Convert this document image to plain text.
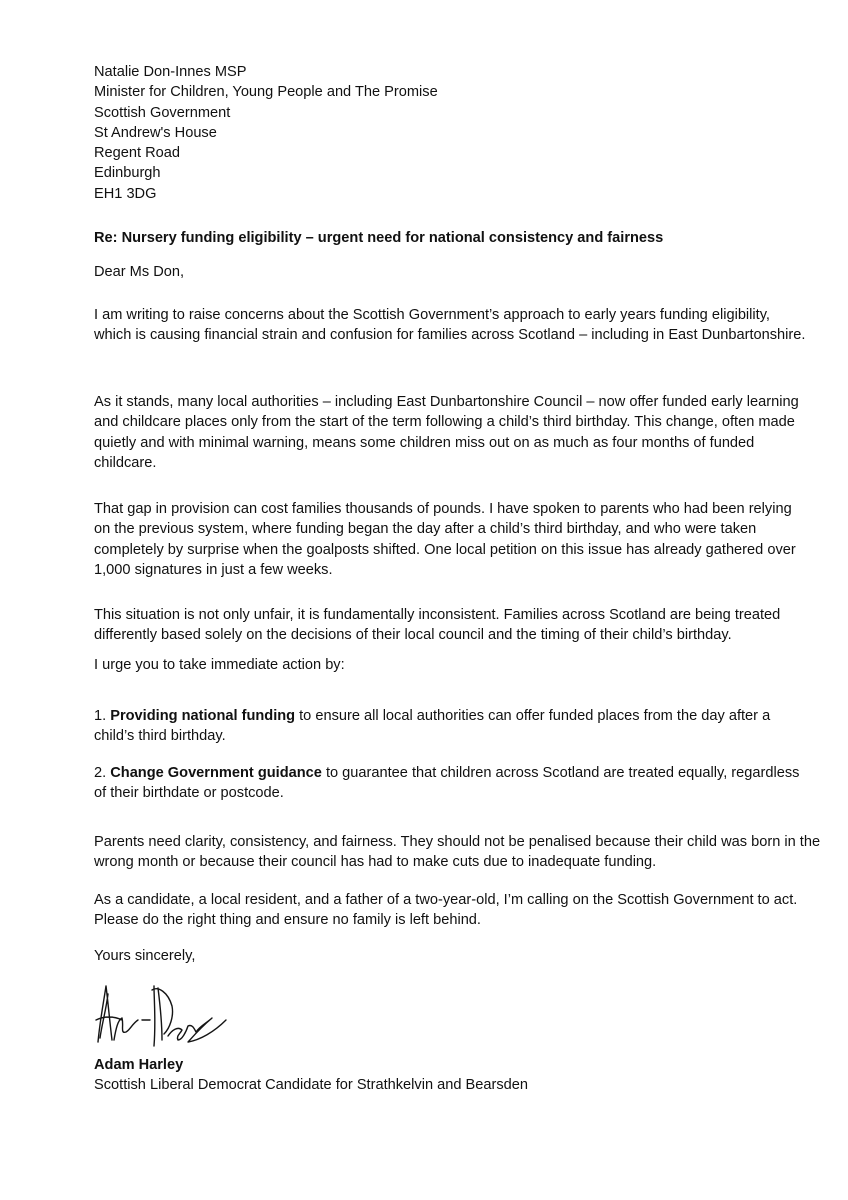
Natalie Don-Innes MSP
Minister for Children, Young People and The Promise
Scottish Government
St Andrew's House
Regent Road
Edinburgh
EH1 3DG
Re: Nursery funding eligibility – urgent need for national consistency and fairness
Dear Ms Don,
I am writing to raise concerns about the Scottish Government’s approach to early years funding eligibility, which is causing financial strain and confusion for families across Scotland – including in East Dunbartonshire.
As it stands, many local authorities – including East Dunbartonshire Council – now offer funded early learning and childcare places only from the start of the term following a child’s third birthday. This change, often made quietly and with minimal warning, means some children miss out on as much as four months of funded childcare.
That gap in provision can cost families thousands of pounds. I have spoken to parents who had been relying on the previous system, where funding began the day after a child’s third birthday, and who were taken completely by surprise when the goalposts shifted. One local petition on this issue has already gathered over 1,000 signatures in just a few weeks.
This situation is not only unfair, it is fundamentally inconsistent. Families across Scotland are being treated differently based solely on the decisions of their local council and the timing of their child’s birthday.
I urge you to take immediate action by:
1. Providing national funding to ensure all local authorities can offer funded places from the day after a
child’s third birthday.
2. Change Government guidance to guarantee that children across Scotland are treated equally, regardless
of their birthdate or postcode.
Parents need clarity, consistency, and fairness. They should not be penalised because their child was born in the wrong month or because their council has had to make cuts due to inadequate funding.
As a candidate, a local resident, and a father of a two-year-old, I’m calling on the Scottish Government to act. Please do the right thing and ensure no family is left behind.
Yours sincerely,
Adam Harley
Scottish Liberal Democrat Candidate for Strathkelvin and Bearsden
